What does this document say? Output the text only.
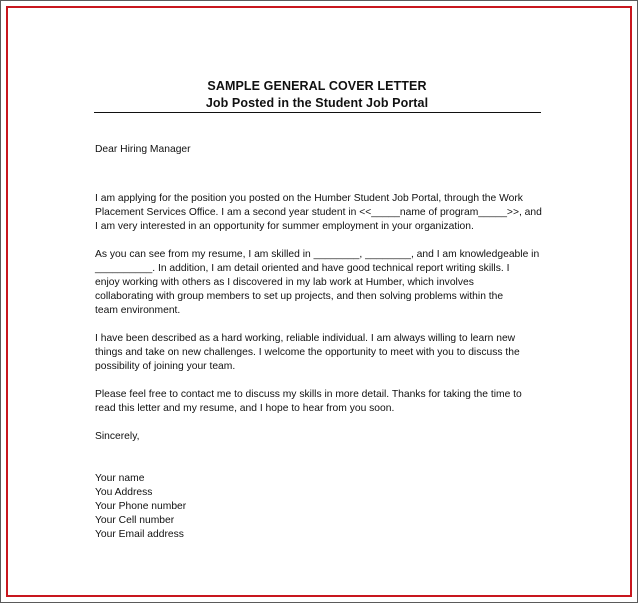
SAMPLE GENERAL COVER LETTER
Job Posted in the Student Job Portal
Dear Hiring Manager
I am applying for the position you posted on the Humber Student Job Portal, through the Work
Placement Services Office. I am a second year student in <<_____name of program_____>>, and
I am very interested in an opportunity for summer employment in your organization.
As you can see from my resume, I am skilled in ________, ________, and I am knowledgeable in
__________. In addition, I am detail oriented and have good technical report writing skills. I
enjoy working with others as I discovered in my lab work at Humber, which involves
collaborating with group members to set up projects, and then solving problems within the
team environment.
I have been described as a hard working, reliable individual. I am always willing to learn new
things and take on new challenges. I welcome the opportunity to meet with you to discuss the
possibility of joining your team.
Please feel free to contact me to discuss my skills in more detail. Thanks for taking the time to
read this letter and my resume, and I hope to hear from you soon.
Sincerely,
Your name
You Address
Your Phone number
Your Cell number
Your Email address
